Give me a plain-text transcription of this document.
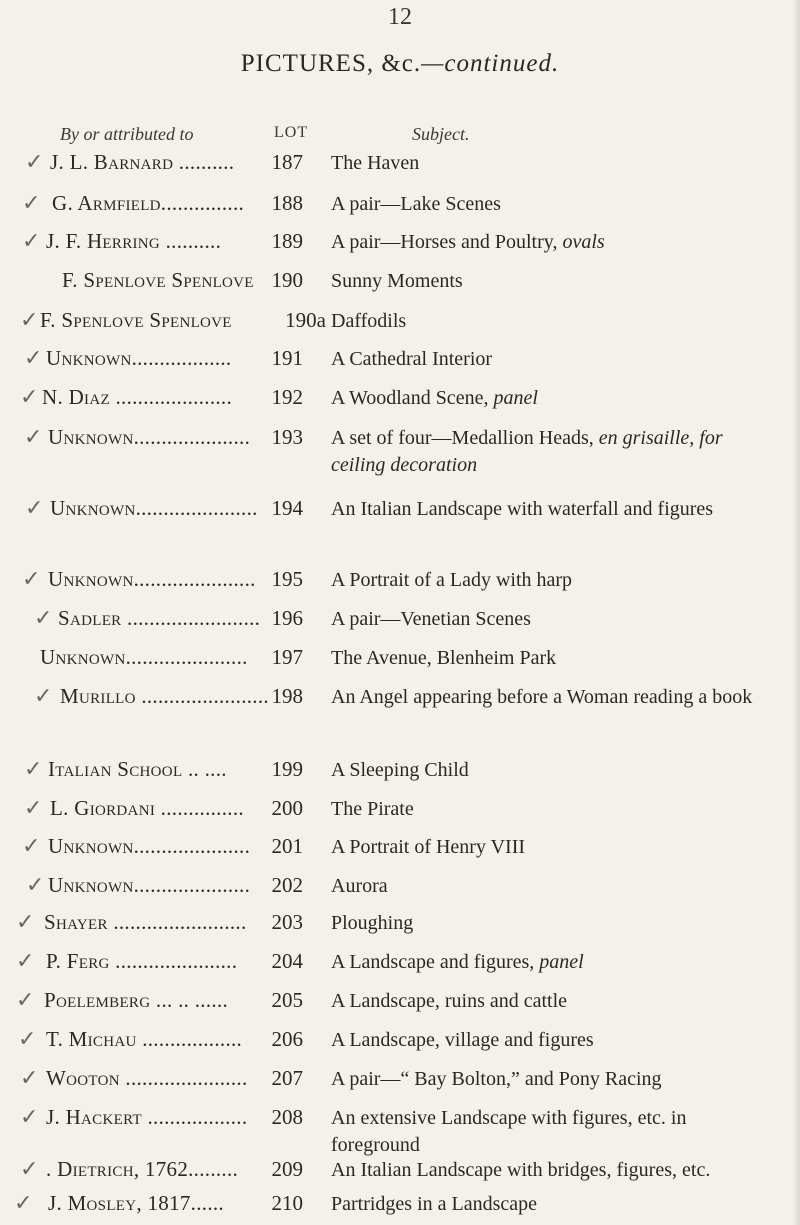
12
PICTURES, &c.—continued.
By or attributed to	LOT	Subject.
✓ J. L. Barnard ..........	187 The Haven
✓ G. Armfield...............	188 A pair—Lake Scenes
✓ J. F. Herring ..........	189 A pair—Horses and Poultry, ovals
F. Spenlove Spenlove 190 Sunny Moments
✓ F. Spenlove Spenlove	190a Daffodils
✓ Unknown..................	191 A Cathedral Interior
✓ N. Diaz .....................	192 A Woodland Scene, panel
✓ Unknown.....................	193 A set of four—Medallion Heads, en grisaille, for ceiling decoration
✓ Unknown...................... 194 An Italian Landscape with waterfall and figures
✓ Unknown...................... 195 A Portrait of a Lady with harp
✓ Sadler ........................ 196 A pair—Venetian Scenes
Unknown......................	197 The Avenue, Blenheim Park
✓ Murillo ....................... 198 An Angel appearing before a Woman reading a book
✓ Italian School .. ....	199 A Sleeping Child
✓ L. Giordani ...............	200 The Pirate
✓ Unknown.....................	201 A Portrait of Henry VIII
✓ Unknown.....................	202 Aurora
✓ Shayer ........................	203 Ploughing
✓ P. Ferg ......................	204 A Landscape and figures, panel
✓ Poelemberg ... .. ......	205 A Landscape, ruins and cattle
✓ T. Michau ..................	206 A Landscape, village and figures
✓ Wooton ......................	207 A pair—“ Bay Bolton,” and Pony Racing
✓ J. Hackert ..................	208 An extensive Landscape with figures, etc. in foreground
✓ . Dietrich, 1762.........	209 An Italian Landscape with bridges, figures, etc.
✓ J. Mosley, 1817......	210 Partridges in a Landscape
